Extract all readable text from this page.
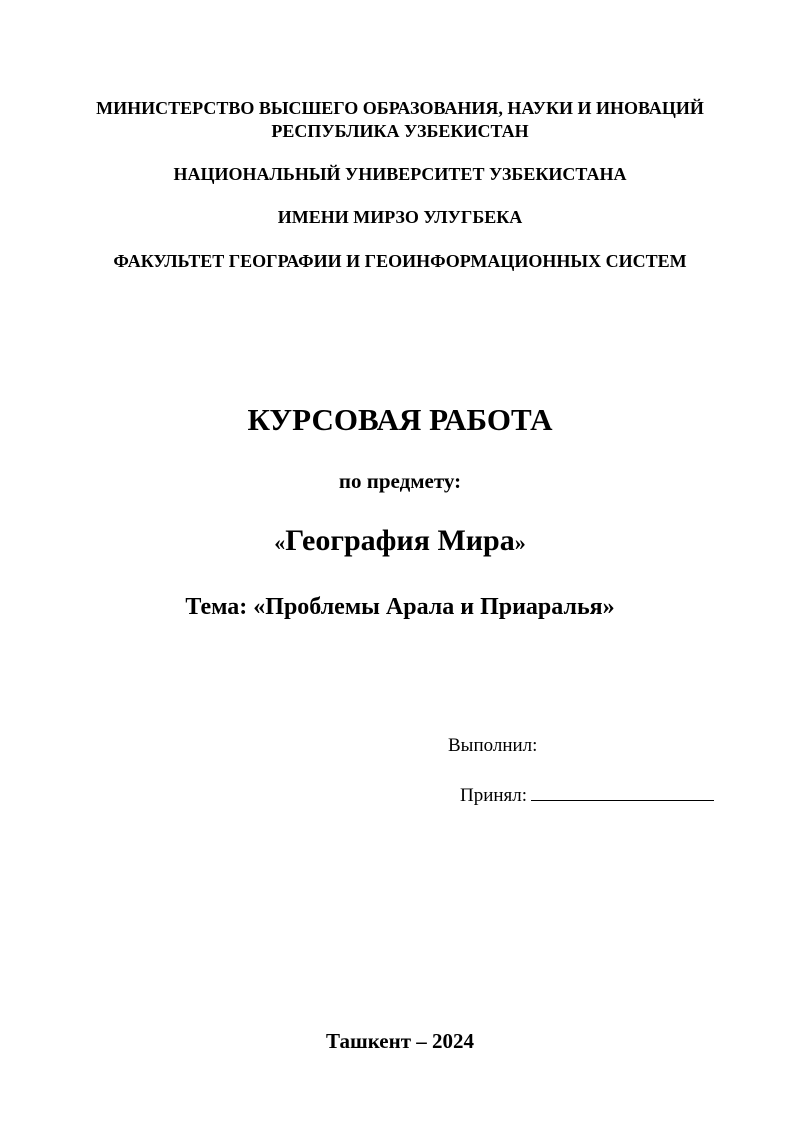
МИНИСТЕРСТВО ВЫСШЕГО ОБРАЗОВАНИЯ, НАУКИ И ИНОВАЦИЙ

РЕСПУБЛИКА УЗБЕКИСТАН

НАЦИОНАЛЬНЫЙ УНИВЕРСИТЕТ УЗБЕКИСТАНА

ИМЕНИ МИРЗО УЛУГБЕКА

ФАКУЛЬТЕТ ГЕОГРАФИИ И ГЕОИНФОРМАЦИОННЫХ СИСТЕМ

КУРСОВАЯ РАБОТА

по предмету:

«География Мира»

Тема: «Проблемы Арала и Приаралья»

Выполнил:
Принял:

Ташкент – 2024
